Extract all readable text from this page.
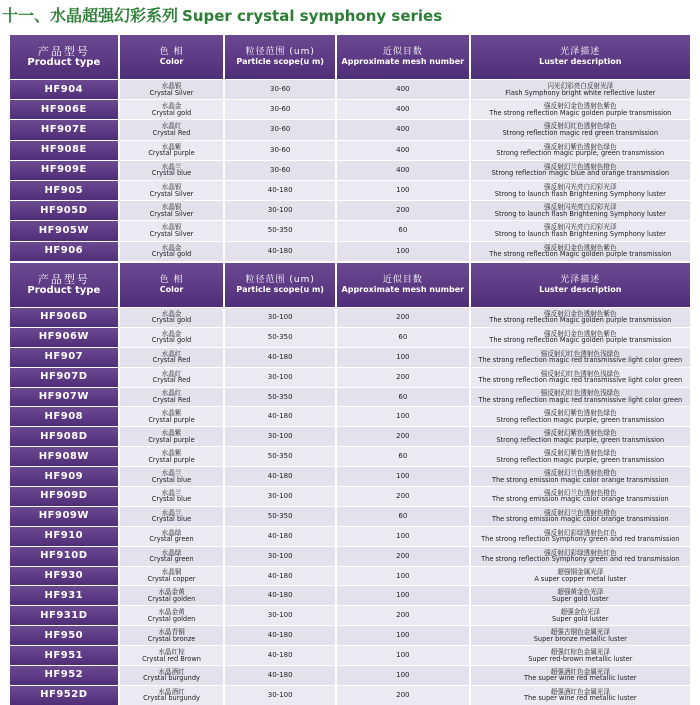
十一、水晶超强幻彩系列 Super crystal symphony series
产品型号
Product type
色 相
Color
粒径范围 (um)
Particle scope(u m)
近似目数
Approximate mesh number
光泽描述
Luster description
HF904	水晶银
Crystal Silver	30-60	400	闪光幻彩亮白反射光泽
Flash Symphony bright white reflective luster
HF906E	水晶金
Crystal gold	30-60	400	强反射幻金色透射色紫色
The strong reflection Magic golden purple transmission
HF907E	水晶红
Crystal Red	30-60	400	强反射幻红色透射色绿色
Strong reflection magic red green transmission
HF908E	水晶紫
Crystal purple	30-60	400	强反射幻紫色透射色绿色
Strong reflection magic purple, green transmission
HF909E	水晶兰
Crystal blue	30-60	400	强反射幻兰色透射色橙色
Strong reflection magic blue and orange transmission
HF905	水晶银
Crystal Silver	40-180	100	强反射闪光亮白幻彩光泽
Strong to launch flash Brightening Symphony luster
HF905D	水晶银
Crystal Silver	30-100	200	强反射闪光亮白幻彩光泽
Strong to launch flash Brightening Symphony luster
HF905W	水晶银
Crystal Silver	50-350	60	强反射闪光亮白幻彩光泽
Strong to launch flash Brightening Symphony luster
HF906	水晶金
Crystal gold	40-180	100	强反射幻金色透射色紫色
The strong reflection Magic golden purple transmission
产品型号
Product type
色 相
Color
粒径范围 (um)
Particle scope(u m)
近似目数
Approximate mesh number
光泽描述
Luster description
HF906D	水晶金
Crystal gold	30-100	200	强反射幻金色透射色紫色
The strong reflection Magic golden purple transmission
HF906W	水晶金
Crystal gold	50-350	60	强反射幻金色透射色紫色
The strong reflection Magic golden purple transmission
HF907	水晶红
Crystal Red	40-180	100	强反射幻红色透射色浅绿色
The strong reflection magic red transmissive light color green
HF907D	水晶红
Crystal Red	30-100	200	强反射幻红色透射色浅绿色
The strong reflection magic red transmissive light color green
HF907W	水晶红
Crystal Red	50-350	60	强反射幻红色透射色浅绿色
The strong reflection magic red transmissive light color green
HF908	水晶紫
Crystal purple	40-180	100	强反射幻紫色透射色绿色
Strong reflection magic purple, green transmission
HF908D	水晶紫
Crystal purple	30-100	200	强反射幻紫色透射色绿色
Strong reflection magic purple, green transmission
HF908W	水晶紫
Crystal purple	50-350	60	强反射幻紫色透射色绿色
Strong reflection magic purple, green transmission
HF909	水晶兰
Crystal blue	40-180	100	强反射幻兰色透射色橙色
The strong emission magic color orange transmission
HF909D	水晶兰
Crystal blue	30-100	200	强反射幻兰色透射色橙色
The strong emission magic color orange transmission
HF909W	水晶兰
Crystal blue	50-350	60	强反射幻兰色透射色橙色
The strong emission magic color orange transmission
HF910	水晶绿
Crystal green	40-180	100	强反射幻彩绿透射色红色
The strong reflection Symphony green and red transmission
HF910D	水晶绿
Crystal green	30-100	200	强反射幻彩绿透射色红色
The strong reflection Symphony green and red transmission
HF930	水晶铜
Crystal copper	40-180	100	超强铜金属光泽
A super copper metal luster
HF931	水晶金黄
Crystal golden	40-180	100	超强黄金色光泽
Super gold luster
HF931D	水晶金黄
Crystal golden	30-100	200	超强金色光泽
Super gold luster
HF950	水晶青铜
Crystal bronze	40-180	100	超强古铜色金属光泽
Super bronze metallic luster
HF951	水晶红棕
Crystal red Brown	40-180	100	超强红棕色金属光泽
Super red-brown metallic luster
HF952	水晶酒红
Crystal burgundy	40-180	100	超强酒红色金属光泽
The super wine red metallic luster
HF952D	水晶酒红
Crystal burgundy	30-100	200	超强酒红色金属光泽
The super wine red metallic luster
